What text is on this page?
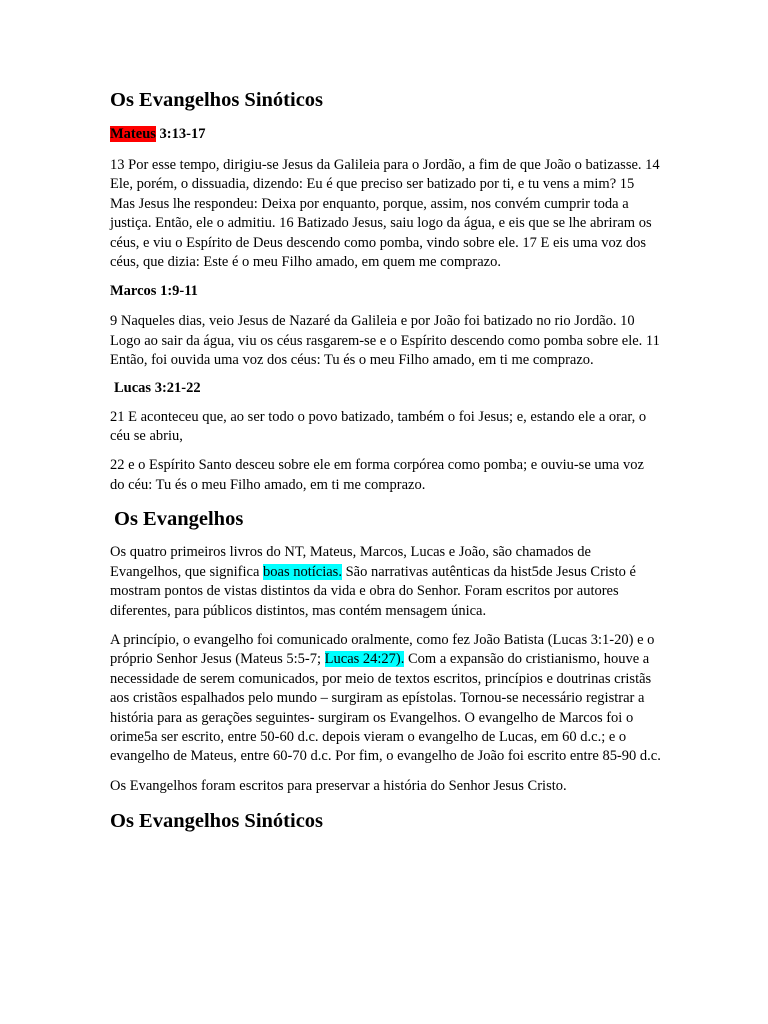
Os Evangelhos Sinóticos
Mateus 3:13-17

13 Por esse tempo, dirigiu-se Jesus da Galileia para o Jordão, a fim de que João o batizasse. 14 Ele, porém, o dissuadia, dizendo: Eu é que preciso ser batizado por ti, e tu vens a mim? 15 Mas Jesus lhe respondeu: Deixa por enquanto, porque, assim, nos convém cumprir toda a justiça. Então, ele o admitiu. 16 Batizado Jesus, saiu logo da água, e eis que se lhe abriram os céus, e viu o Espírito de Deus descendo como pomba, vindo sobre ele. 17 E eis uma voz dos céus, que dizia: Este é o meu Filho amado, em quem me comprazo.

Marcos 1:9-11

9 Naqueles dias, veio Jesus de Nazaré da Galileia e por João foi batizado no rio Jordão. 10 Logo ao sair da água, viu os céus rasgarem-se e o Espírito descendo como pomba sobre ele. 11 Então, foi ouvida uma voz dos céus: Tu és o meu Filho amado, em ti me comprazo.

Lucas 3:21-22

21 E aconteceu que, ao ser todo o povo batizado, também o foi Jesus; e, estando ele a orar, o céu se abriu,

22 e o Espírito Santo desceu sobre ele em forma corpórea como pomba; e ouviu-se uma voz do céu: Tu és o meu Filho amado, em ti me comprazo.

Os Evangelhos

Os quatro primeiros livros do NT, Mateus, Marcos, Lucas e João, são chamados de Evangelhos, que significa boas notícias. São narrativas autênticas da hist5de Jesus Cristo é mostram pontos de vistas distintos da vida e obra do Senhor. Foram escritos por autores diferentes, para públicos distintos, mas contém mensagem única.

A princípio, o evangelho foi comunicado oralmente, como fez João Batista (Lucas 3:1-20) e o próprio Senhor Jesus (Mateus 5:5-7; Lucas 24:27). Com a expansão do cristianismo, houve a necessidade de serem comunicados, por meio de textos escritos, princípios e doutrinas cristãs aos cristãos espalhados pelo mundo – surgiram as epístolas. Tornou-se necessário registrar a história para as gerações seguintes- surgiram os Evangelhos. O evangelho de Marcos foi o orime5a ser escrito, entre 50-60 d.c. depois vieram o evangelho de Lucas, em 60 d.c.; e o evangelho de Mateus, entre 60-70 d.c. Por fim, o evangelho de João foi escrito entre 85-90 d.c.

Os Evangelhos foram escritos para preservar a história do Senhor Jesus Cristo.

Os Evangelhos Sinóticos
